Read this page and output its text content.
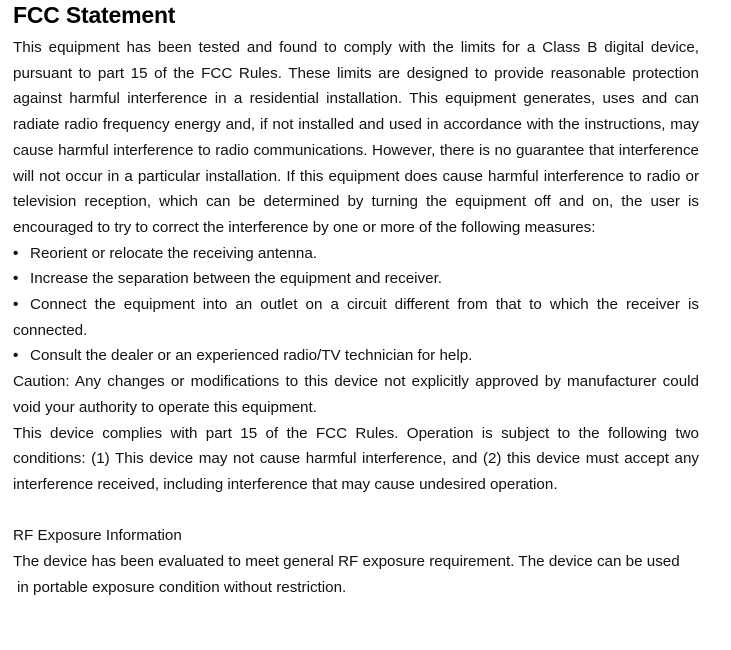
FCC Statement

This equipment has been tested and found to comply with the limits for a Class B digital device, pursuant to part 15 of the FCC Rules. These limits are designed to provide reasonable protection against harmful interference in a residential installation. This equipment generates, uses and can radiate radio frequency energy and, if not installed and used in accordance with the instructions, may cause harmful interference to radio communications. However, there is no guarantee that interference will not occur in a particular installation. If this equipment does cause harmful interference to radio or television reception, which can be determined by turning the equipment off and on, the user is encouraged to try to correct the interference by one or more of the following measures:

• Reorient or relocate the receiving antenna.

• Increase the separation between the equipment and receiver.

• Connect the equipment into an outlet on a circuit different from that to which the receiver is connected.

• Consult the dealer or an experienced radio/TV technician for help.

Caution: Any changes or modifications to this device not explicitly approved by manufacturer could void your authority to operate this equipment.

This device complies with part 15 of the FCC Rules. Operation is subject to the following two conditions: (1) This device may not cause harmful interference, and (2) this device must accept any interference received, including interference that may cause undesired operation.

RF Exposure Information

The device has been evaluated to meet general RF exposure requirement. The device can be used

in portable exposure condition without restriction.
